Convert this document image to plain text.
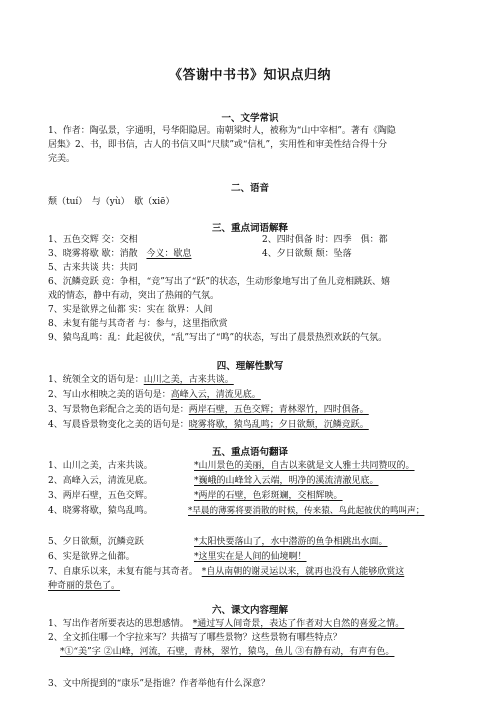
《答谢中书书》知识点归纳
一、文学常识
1、作者：陶弘景，字通明，号华阳隐居。南朝梁时人，被称为“山中宰相”。著有《陶隐
居集》2、书，即书信，古人的书信又叫“尺牍”或“信札”，实用性和审美性结合得十分
完美。
二、语音
颓（tuí）　与（yù）　歇（xiē）
三、重点词语解释
1、五色交辉 交：交相	2、四时俱备 时：四季　俱：都
3、晓雾将歇 歇：消散 今义：歇息	4、夕日欲颓 颓：坠落
5、古来共谈 共：共同
6、沉鳞竞跃 竞：争相，“竞”写出了“跃”的状态，生动形象地写出了鱼儿竞相跳跃、嬉
戏的情态，静中有动，突出了热闹的气氛。
7、实是欲界之仙都 实：实在 欲界：人间
8、未复有能与其奇者 与：参与，这里指欣赏
9、猿鸟乱鸣：乱：此起彼伏，“乱”写出了“鸣”的状态，写出了晨景热烈欢跃的气氛。
四、理解性默写
1、统领全文的语句是：山川之美，古来共谈。
2、写山水相映之美的语句是：高峰入云，清流见底。
3、写景物色彩配合之美的语句是：两岸石壁，五色交辉；青林翠竹，四时俱备。
4、写晨昏景物变化之美的语句是：晓雾将歇，猿鸟乱鸣；夕日欲颓，沉鳞竞跃。
五、重点语句翻译
1、山川之美，古来共谈。	*山川景色的美丽，自古以来就是文人雅士共同赞叹的。
2、高峰入云，清流见底。	*巍峨的山峰耸入云端，明净的溪流清澈见底。
3、两岸石壁，五色交辉。	*两岸的石壁，色彩斑斓，交相辉映。
4、晓雾将歇，猿鸟乱鸣。	*早晨的薄雾将要消散的时候，传来猿、鸟此起彼伏的鸣叫声；
5、夕日欲颓，沉鳞竞跃	*太阳快要落山了，水中潜游的鱼争相跳出水面。
6、实是欲界之仙都。	*这里实在是人间的仙境啊！
7、自康乐以来，未复有能与其奇者。 *自从南朝的谢灵运以来，就再也没有人能够欣赏这
种奇丽的景色了。
六、课文内容理解
1、写出作者所要表达的思想感情。 *通过写人间奇景，表达了作者对大自然的喜爱之情。
2、全文抓住哪一个字拉来写？共描写了哪些景物？这些景物有哪些特点？
*①“美”字 ②山峰，河流，石壁，青林，翠竹，猿鸟，鱼儿 ③有静有动，有声有色。
3、文中所提到的“康乐”是指谁？作者举他有什么深意？
